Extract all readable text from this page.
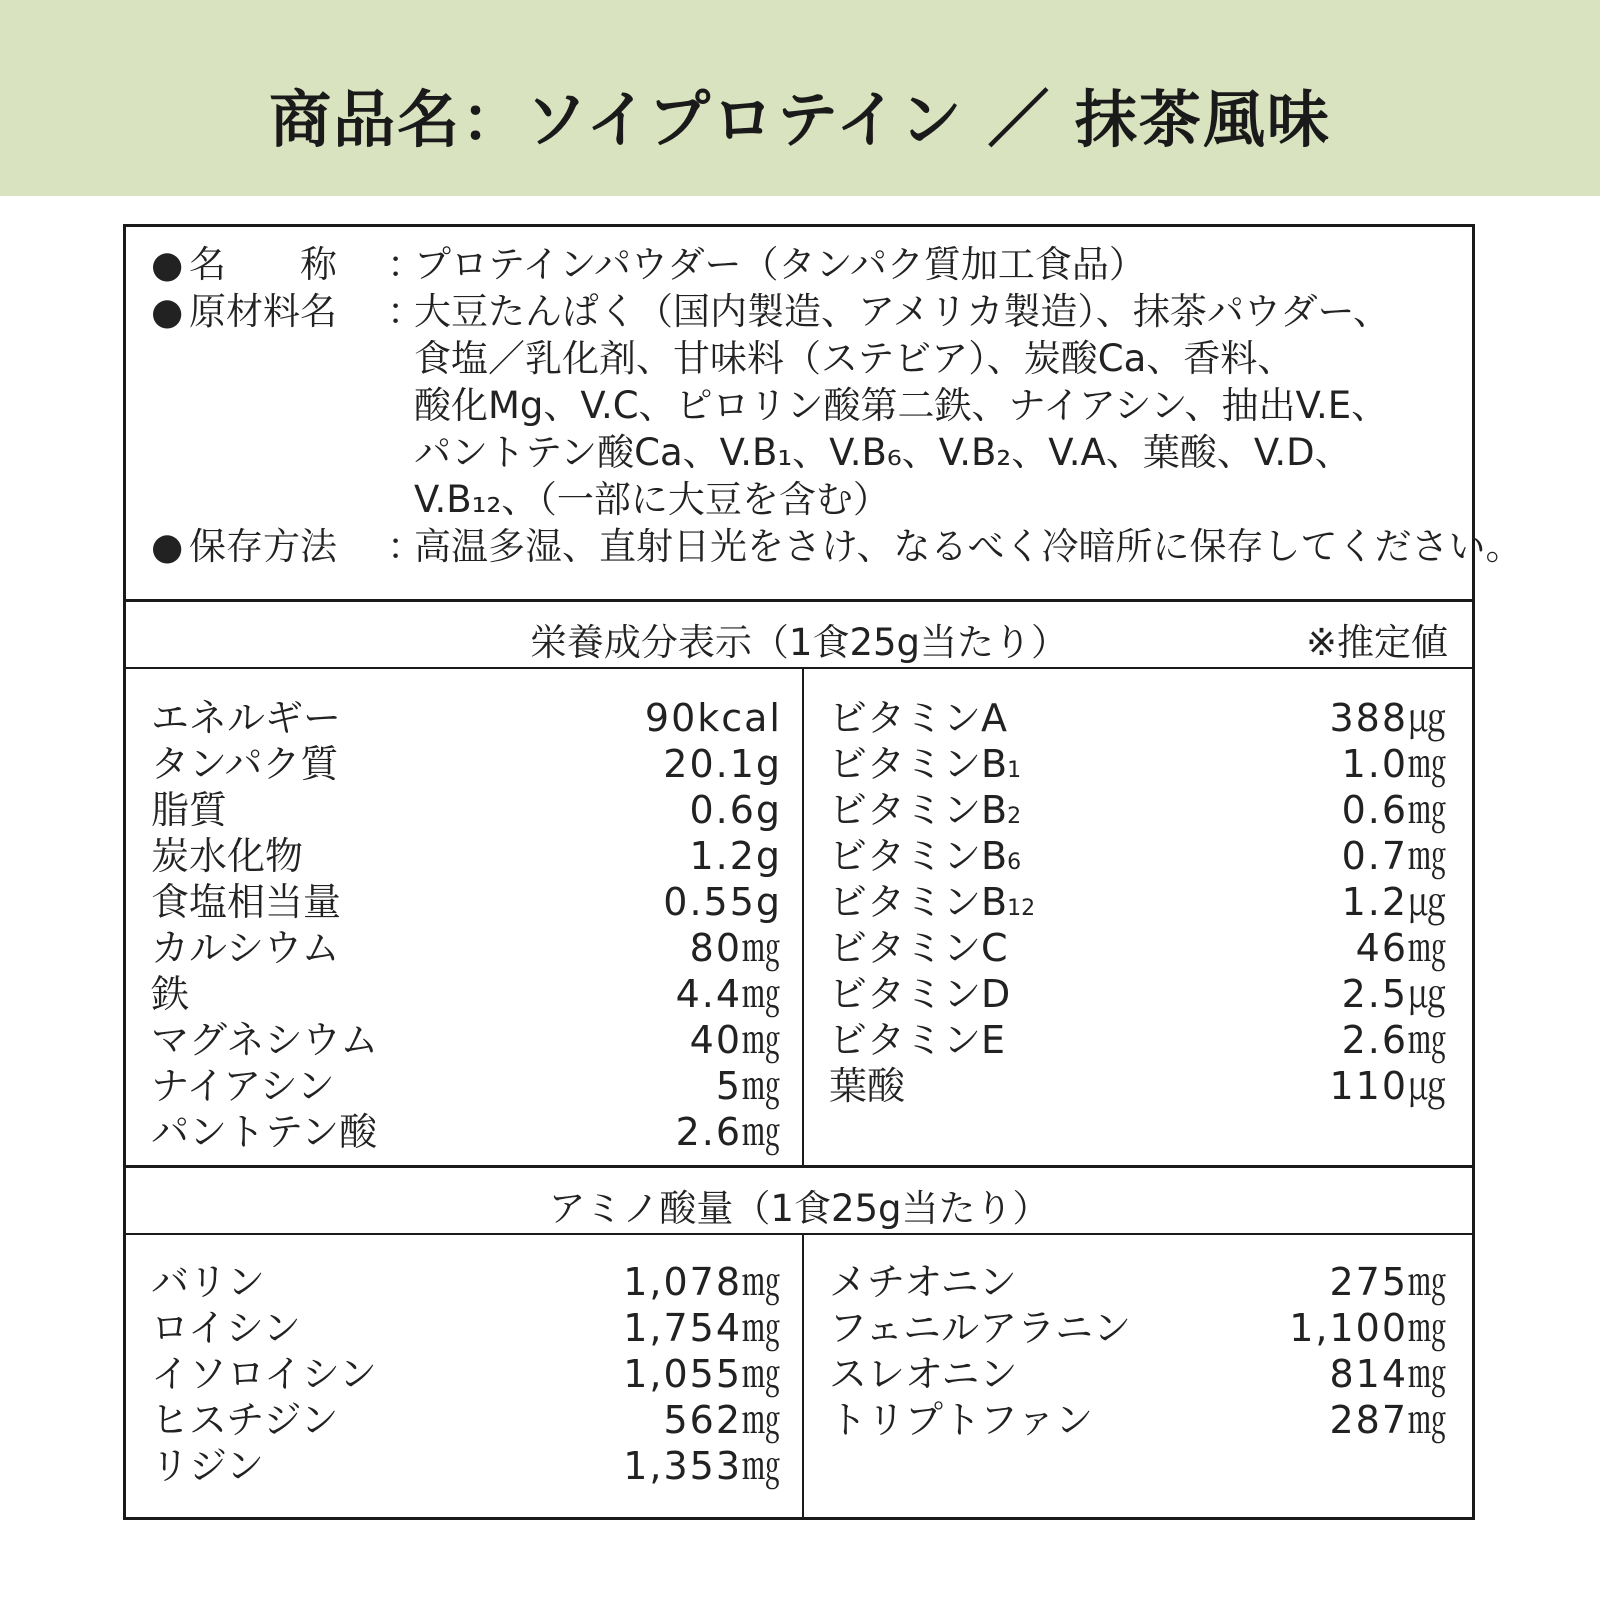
商品名：ソイプロテイン ／ 抹茶風味
● 名　　称 ：
プロテインパウダー（タンパク質加工食品）
● 原材料名 ：
大豆たんぱく（国内製造、アメリカ製造）、抹茶パウダー、
食塩／乳化剤、甘味料（ステビア）、炭酸Ca、香料、
酸化Mg、V.C、ピロリン酸第二鉄、ナイアシン、抽出V.E、
パントテン酸Ca、V.B₁、V.B₆、V.B₂、V.A、葉酸、V.D、
V.B₁₂、（一部に大豆を含む）
● 保存方法 ：
高温多湿、直射日光をさけ、なるべく冷暗所に保存してください。
栄養成分表示（1食25g当たり）	※推定値
エネルギー	90kcal
タンパク質	20.1g
脂質	0.6g
炭水化物	1.2g
食塩相当量	0.55g
カルシウム	80㎎
鉄	4.4㎎
マグネシウム	40㎎
ナイアシン	5㎎
パントテン酸	2.6㎎
ビタミンA	388㎍
ビタミンB1	1.0㎎
ビタミンB2	0.6㎎
ビタミンB6	0.7㎎
ビタミンB12	1.2㎍
ビタミンC	46㎎
ビタミンD	2.5㎍
ビタミンE	2.6㎎
葉酸	110㎍
アミノ酸量（1食25g当たり）
バリン	1,078㎎
ロイシン	1,754㎎
イソロイシン	1,055㎎
ヒスチジン	562㎎
リジン	1,353㎎
メチオニン	275㎎
フェニルアラニン	1,100㎎
スレオニン	814㎎
トリプトファン	287㎎
